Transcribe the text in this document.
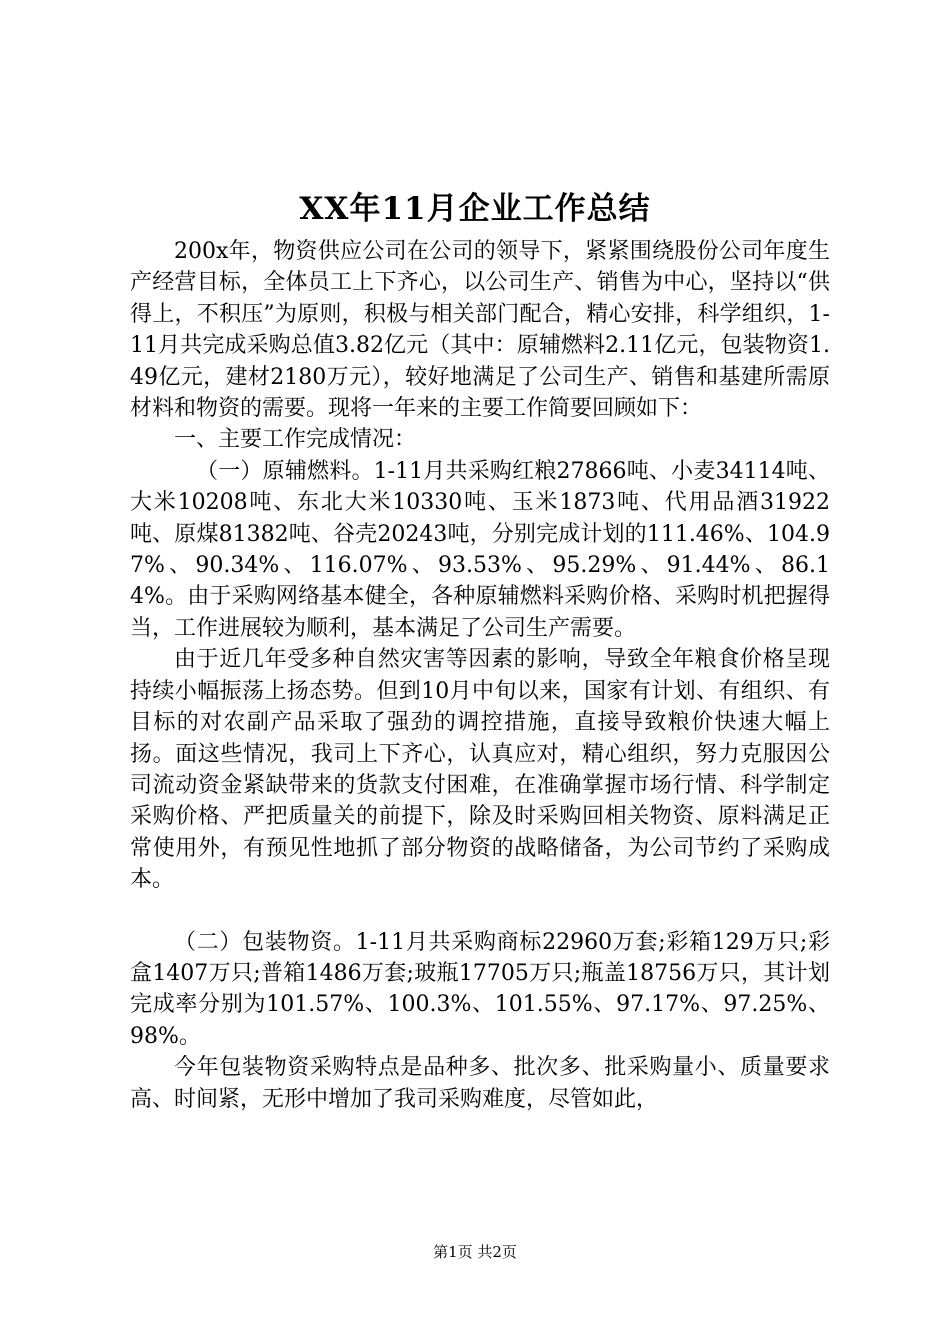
XX年11月企业工作总结

200x年，物资供应公司在公司的领导下，紧紧围绕股份公司年度生产经营目标，全体员工上下齐心，以公司生产、销售为中心，坚持以“供得上，不积压”为原则，积极与相关部门配合，精心安排，科学组织，1-11月共完成采购总值3.82亿元（其中：原辅燃料2.11亿元，包装物资1.49亿元，建材2180万元），较好地满足了公司生产、销售和基建所需原材料和物资的需要。现将一年来的主要工作简要回顾如下：

一、主要工作完成情况：

（一）原辅燃料。1-11月共采购红粮27866吨、小麦34114吨、大米10208吨、东北大米10330吨、玉米1873吨、代用品酒31922吨、原煤81382吨、谷壳20243吨，分别完成计划的111.46%、104.97%、90.34%、116.07%、93.53%、95.29%、91.44%、86.14%。由于采购网络基本健全，各种原辅燃料采购价格、采购时机把握得当，工作进展较为顺利，基本满足了公司生产需要。

由于近几年受多种自然灾害等因素的影响，导致全年粮食价格呈现持续小幅振荡上扬态势。但到10月中旬以来，国家有计划、有组织、有目标的对农副产品采取了强劲的调控措施，直接导致粮价快速大幅上扬。面这些情况，我司上下齐心，认真应对，精心组织，努力克服因公司流动资金紧缺带来的货款支付困难，在准确掌握市场行情、科学制定采购价格、严把质量关的前提下，除及时采购回相关物资、原料满足正常使用外，有预见性地抓了部分物资的战略储备，为公司节约了采购成本。

（二）包装物资。1-11月共采购商标22960万套;彩箱129万只;彩盒1407万只;普箱1486万套;玻瓶17705万只;瓶盖18756万只，其计划完成率分别为101.57%、100.3%、101.55%、97.17%、97.25%、98%。

今年包装物资采购特点是品种多、批次多、批采购量小、质量要求高、时间紧，无形中增加了我司采购难度，尽管如此，

第1页 共2页
